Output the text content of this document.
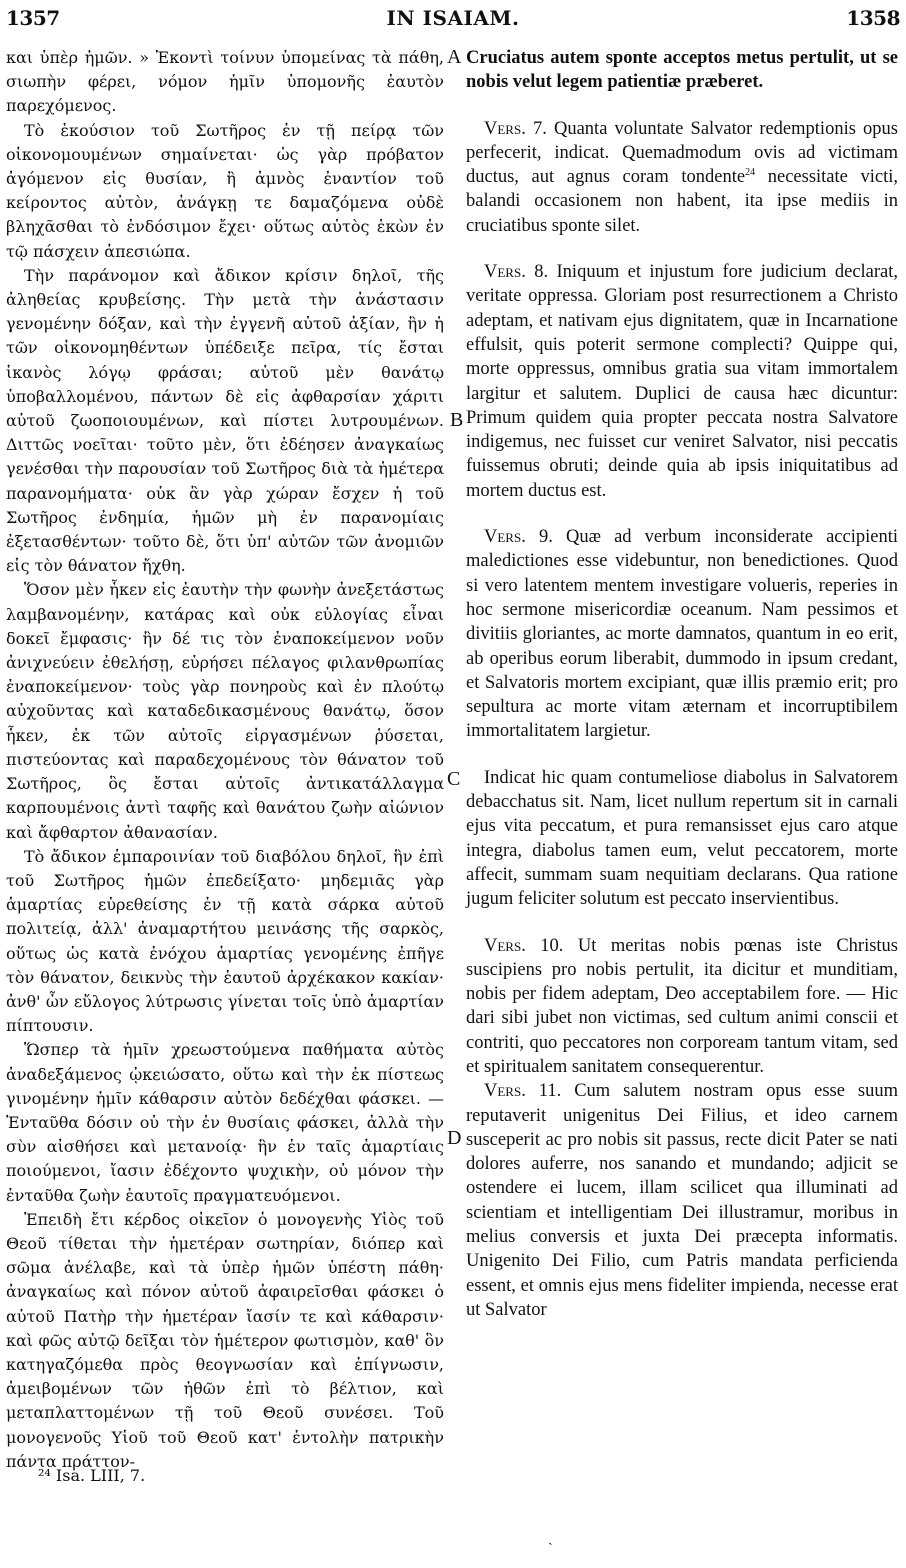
1357	IN ISAIAM.	1358

και ὑπὲρ ἡμῶν. » Ἑκοντὶ τοίνυν ὑπομείνας τὰ πάθη, σιωπὴν φέρει, νόμον ἡμῖν ὑπομονῆς ἑαυτὸν παρεχόμενος.

Τὸ ἑκούσιον τοῦ Σωτῆρος ἐν τῇ πείρᾳ τῶν οἰκονομουμένων σημαίνεται· ὡς γὰρ πρόβατον ἀγόμενον εἰς θυσίαν, ἢ ἀμνὸς ἐναντίον τοῦ κείροντος αὐτὸν, ἀνάγκῃ τε δαμαζόμενα οὐδὲ βληχᾶσθαι τὸ ἐνδόσιμον ἔχει· οὕτως αὐτὸς ἑκὼν ἐν τῷ πάσχειν ἀπεσιώπα.

Τὴν παράνομον καὶ ἄδικον κρίσιν δηλοῖ, τῆς ἀληθείας κρυβείσης. Τὴν μετὰ τὴν ἀνάστασιν γενομένην δόξαν, καὶ τὴν ἐγγενῆ αὐτοῦ ἀξίαν, ἣν ἡ τῶν οἰκονομηθέντων ὑπέδειξε πεῖρα, τίς ἔσται ἱκανὸς λόγῳ φράσαι; αὐτοῦ μὲν θανάτῳ ὑποβαλλομένου, πάντων δὲ εἰς ἀφθαρσίαν χάριτι αὐτοῦ ζωοποιουμένων, καὶ πίστει λυτρουμένων. Διττῶς νοεῖται· τοῦτο μὲν, ὅτι ἐδέησεν ἀναγκαίως γενέσθαι τὴν παρουσίαν τοῦ Σωτῆρος διὰ τὰ ἡμέτερα παρανομήματα· οὐκ ἂν γὰρ χώραν ἔσχεν ἡ τοῦ Σωτῆρος ἐνδημία, ἡμῶν μὴ ἐν παρανομίαις ἐξετασθέντων· τοῦτο δὲ, ὅτι ὑπ' αὐτῶν τῶν ἀνομιῶν εἰς τὸν θάνατον ἤχθη.

Ὅσον μὲν ἧκεν εἰς ἑαυτὴν τὴν φωνὴν ἀνεξετάστως λαμβανομένην, κατάρας καὶ οὐκ εὐλογίας εἶναι δοκεῖ ἔμφασις· ἣν δέ τις τὸν ἐναποκείμενον νοῦν ἀνιχνεύειν ἐθελήσῃ, εὑρήσει πέλαγος φιλανθρωπίας ἐναποκείμενον· τοὺς γὰρ πονηροὺς καὶ ἐν πλούτῳ αὐχοῦντας καὶ καταδεδικασμένους θανάτῳ, ὅσον ἧκεν, ἐκ τῶν αὐτοῖς εἰργασμένων ῥύσεται, πιστεύοντας καὶ παραδεχομένους τὸν θάνατον τοῦ Σωτῆρος, ὃς ἔσται αὐτοῖς ἀντικατάλλαγμα καρπουμένοις ἀντὶ ταφῆς καὶ θανάτου ζωὴν αἰώνιον καὶ ἄφθαρτον ἀθανασίαν.

Τὸ ἄδικον ἐμπαροινίαν τοῦ διαβόλου δηλοῖ, ἣν ἐπὶ τοῦ Σωτῆρος ἡμῶν ἐπεδείξατο· μηδεμιᾶς γὰρ ἁμαρτίας εὑρεθείσης ἐν τῇ κατὰ σάρκα αὐτοῦ πολιτείᾳ, ἀλλ' ἀναμαρτήτου μεινάσης τῆς σαρκὸς, οὕτως ὡς κατὰ ἐνόχου ἁμαρτίας γενομένης ἐπῆγε τὸν θάνατον, δεικνὺς τὴν ἑαυτοῦ ἀρχέκακον κακίαν· ἀνθ' ὧν εὔλογος λύτρωσις γίνεται τοῖς ὑπὸ ἁμαρτίαν πίπτουσιν.

Ὥσπερ τὰ ἡμῖν χρεωστούμενα παθήματα αὐτὸς ἀναδεξάμενος ᾠκειώσατο, οὕτω καὶ τὴν ἐκ πίστεως γινομένην ἡμῖν κάθαρσιν αὐτὸν δεδέχθαι φάσκει. — Ἐνταῦθα δόσιν οὐ τὴν ἐν θυσίαις φάσκει, ἀλλὰ τὴν σὺν αἰσθήσει καὶ μετανοίᾳ· ἣν ἐν ταῖς ἁμαρτίαις ποιούμενοι, ἴασιν ἐδέχοντο ψυχικὴν, οὐ μόνον τὴν ἐνταῦθα ζωὴν ἑαυτοῖς πραγματευόμενοι.

Ἐπειδὴ ἔτι κέρδος οἰκεῖον ὁ μονογενὴς Υἱὸς τοῦ Θεοῦ τίθεται τὴν ἡμετέραν σωτηρίαν, διόπερ καὶ σῶμα ἀνέλαβε, καὶ τὰ ὑπὲρ ἡμῶν ὑπέστη πάθη· ἀναγκαίως καὶ πόνον αὐτοῦ ἀφαιρεῖσθαι φάσκει ὁ αὐτοῦ Πατὴρ τὴν ἡμετέραν ἴασίν τε καὶ κάθαρσιν· καὶ φῶς αὐτῷ δεῖξαι τὸν ἡμέτερον φωτισμὸν, καθ' ὃν κατηγαζόμεθα πρὸς θεογνωσίαν καὶ ἐπίγνωσιν, ἀμειβομένων τῶν ἠθῶν ἐπὶ τὸ βέλτιον, καὶ μεταπλαττομένων τῇ τοῦ Θεοῦ συνέσει. Τοῦ μονογενοῦς Υἱοῦ τοῦ Θεοῦ κατ' ἐντολὴν πατρικὴν πάντα πράττον-

A
B
C
D

Cruciatus autem sponte acceptos metus pertulit, ut se nobis velut legem patientiæ præberet.

Vers. 7. Quanta voluntate Salvator redemptionis opus perfecerit, indicat. Quemadmodum ovis ad victimam ductus, aut agnus coram tondente$^{24}$ necessitate victi, balandi occasionem non habent, ita ipse mediis in cruciatibus sponte silet.

Vers. 8. Iniquum et injustum fore judicium declarat, veritate oppressa. Gloriam post resurrectionem a Christo adeptam, et nativam ejus dignitatem, quæ in Incarnatione effulsit, quis poterit sermone complecti? Quippe qui, morte oppressus, omnibus gratia sua vitam immortalem largitur et salutem. Duplici de causa hæc dicuntur: Primum quidem quia propter peccata nostra Salvatore indigemus, nec fuisset cur veniret Salvator, nisi peccatis fuissemus obruti; deinde quia ab ipsis iniquitatibus ad mortem ductus est.

Vers. 9. Quæ ad verbum inconsiderate accipienti maledictiones esse videbuntur, non benedictiones. Quod si vero latentem mentem investigare volueris, reperies in hoc sermone misericordiæ oceanum. Nam pessimos et divitiis gloriantes, ac morte damnatos, quantum in eo erit, ab operibus eorum liberabit, dummodo in ipsum credant, et Salvatoris mortem excipiant, quæ illis præmio erit; pro sepultura ac morte vitam æternam et incorruptibilem immortalitatem largietur.

Indicat hic quam contumeliose diabolus in Salvatorem debacchatus sit. Nam, licet nullum repertum sit in carnali ejus vita peccatum, et pura remansisset ejus caro atque integra, diabolus tamen eum, velut peccatorem, morte affecit, summam suam nequitiam declarans. Qua ratione jugum feliciter solutum est peccato inservientibus.

Vers. 10. Ut meritas nobis pœnas iste Christus suscipiens pro nobis pertulit, ita dicitur et munditiam, nobis per fidem adeptam, Deo acceptabilem fore. — Hic dari sibi jubet non victimas, sed cultum animi conscii et contriti, quo peccatores non corpoream tantum vitam, sed et spiritualem sanitatem consequerentur.

Vers. 11. Cum salutem nostram opus esse suum reputaverit unigenitus Dei Filius, et ideo carnem susceperit ac pro nobis sit passus, recte dicit Pater se nati dolores auferre, nos sanando et mundando; adjicit se ostendere ei lucem, illam scilicet qua illuminati ad scientiam et intelligentiam Dei illustramur, moribus in melius conversis et juxta Dei præcepta informatis. Unigenito Dei Filio, cum Patris mandata perficienda essent, et omnis ejus mens fideliter impienda, necesse erat ut Salvator

²⁴ Isa. LIII, 7.
ˎ
